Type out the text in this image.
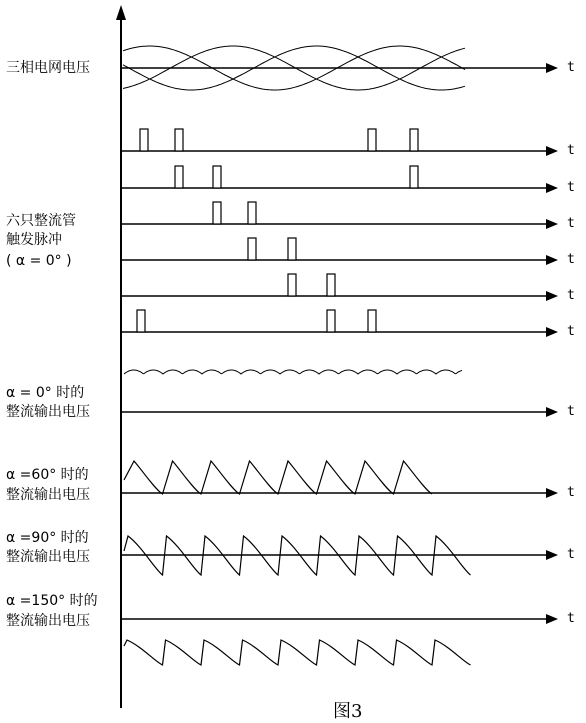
三相电网电压
六只整流管
触发脉冲
( α = 0° )
α = 0° 时的
整流输出电压
α =60° 时的
整流输出电压
α =90° 时的
整流输出电压
α =150° 时的
整流输出电压
t
t
t
t
t
t
t
t
t
t
t
图3
